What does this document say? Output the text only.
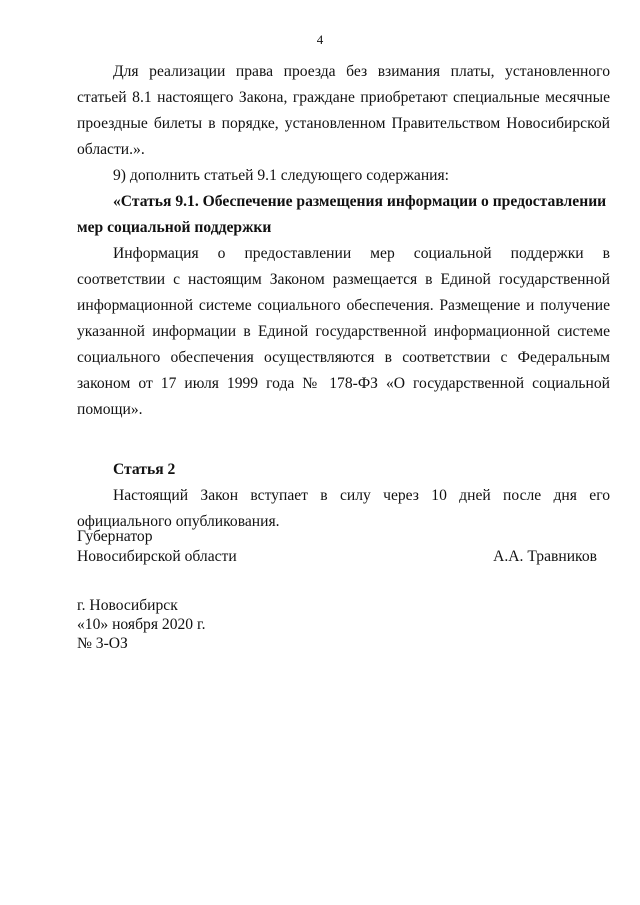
4

Для реализации права проезда без взимания платы, установленного статьей 8.1 настоящего Закона, граждане приобретают специальные месячные проездные билеты в порядке, установленном Правительством Новосибирской области.».

9) дополнить статьей 9.1 следующего содержания:

«Статья 9.1. Обеспечение размещения информации о предоставлении мер социальной поддержки

Информация о предоставлении мер социальной поддержки в соответствии с настоящим Законом размещается в Единой государственной информационной системе социального обеспечения. Размещение и получение указанной информации в Единой государственной информационной системе социального обеспечения осуществляются в соответствии с Федеральным законом от 17 июля 1999 года № 178-ФЗ «О государственной социальной помощи».

Статья 2

Настоящий Закон вступает в силу через 10 дней после дня его официального опубликования.

Губернатор
Новосибирской области	А.А. Травников
г. Новосибирск
«10» ноября 2020 г.
№ 3-ОЗ
